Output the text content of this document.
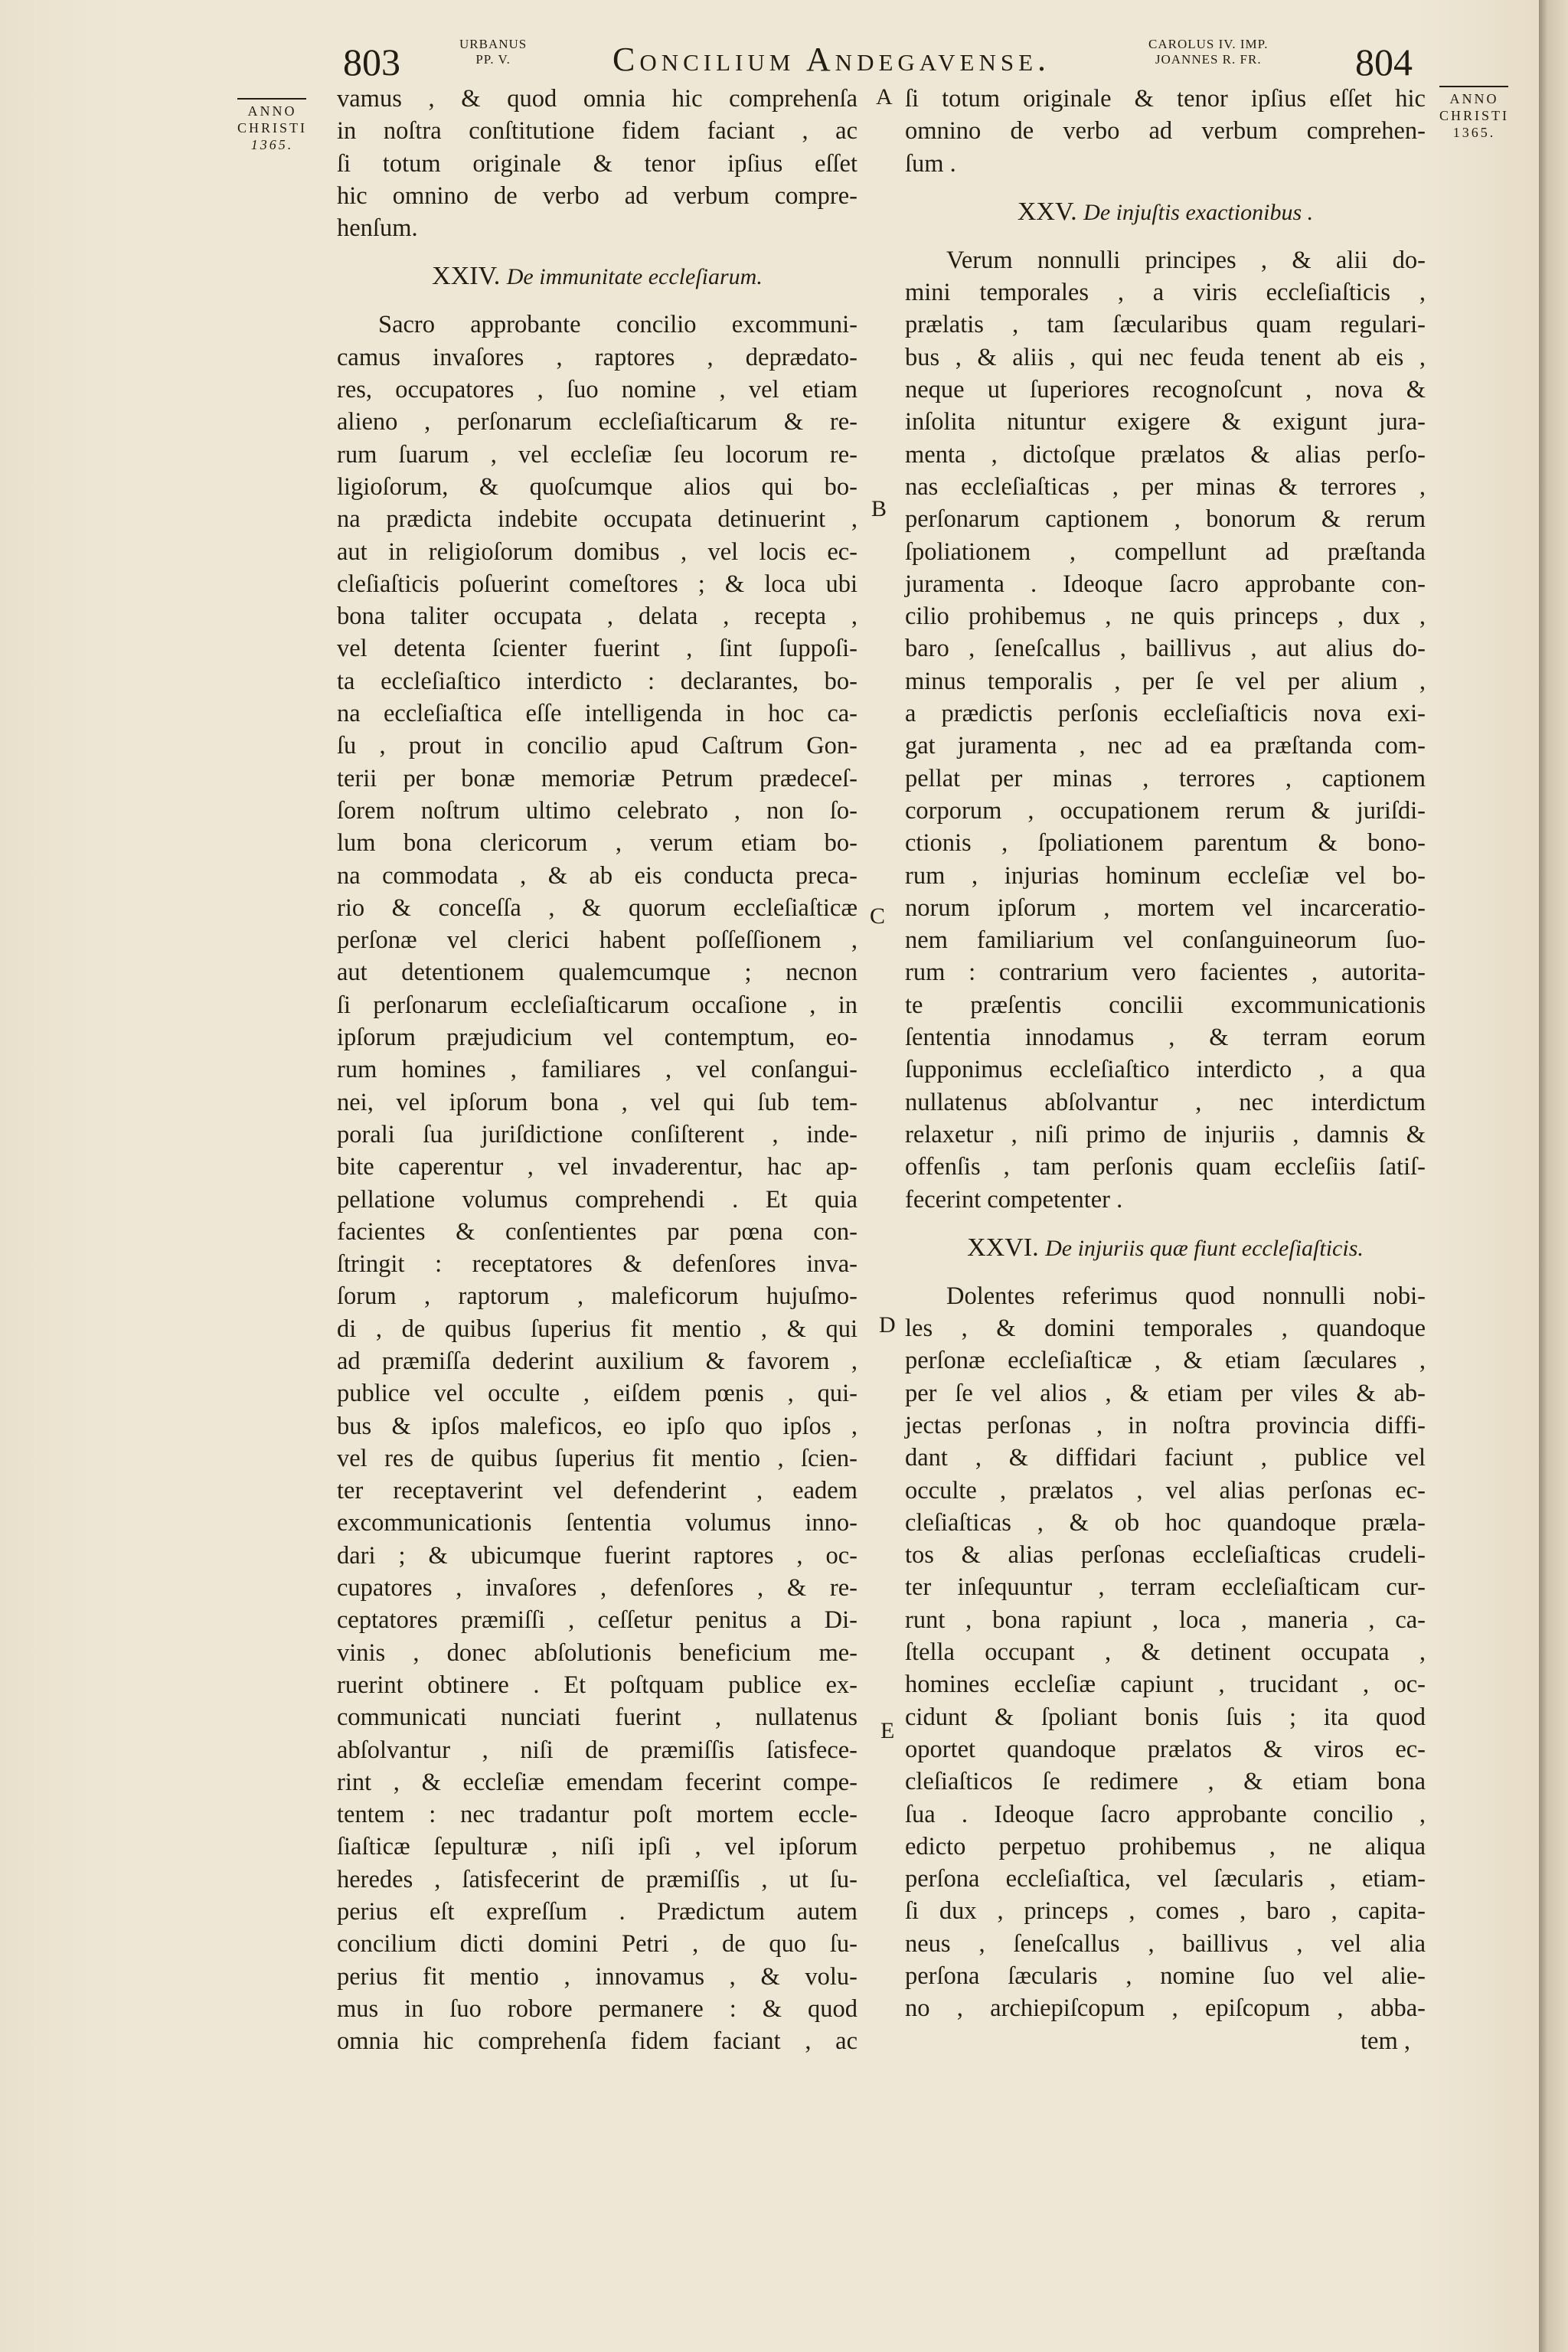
803	URBANUS
PP. V.	Concilium Andegavense.	CAROLUS IV. IMP.
JOANNES R. FR. 804
ANNO
CHRISTI
1365.
ANNO
CHRISTI
1365.
A
B
C
D
E
vamus , & quod omnia hic comprehenſa
in noſtra conſtitutione fidem faciant , ac
ſi totum originale & tenor ipſius eſſet
hic omnino de verbo ad verbum compre-
henſum.
XXIV. De immunitate eccleſiarum.
Sacro approbante concilio excommuni-
camus invaſores , raptores , deprædato-
res, occupatores , ſuo nomine , vel etiam
alieno , perſonarum eccleſiaſticarum & re-
rum ſuarum , vel eccleſiæ ſeu locorum re-
ligioſorum, & quoſcumque alios qui bo-
na prædicta indebite occupata detinuerint ,
aut in religioſorum domibus , vel locis ec-
cleſiaſticis poſuerint comeſtores ; & loca ubi
bona taliter occupata , delata , recepta ,
vel detenta ſcienter fuerint , ſint ſuppoſi-
ta eccleſiaſtico interdicto : declarantes, bo-
na eccleſiaſtica eſſe intelligenda in hoc ca-
ſu , prout in concilio apud Caſtrum Gon-
terii per bonæ memoriæ Petrum prædeceſ-
ſorem noſtrum ultimo celebrato , non ſo-
lum bona clericorum , verum etiam bo-
na commodata , & ab eis conducta preca-
rio & conceſſa , & quorum eccleſiaſticæ
perſonæ vel clerici habent poſſeſſionem ,
aut detentionem qualemcumque ; necnon
ſi perſonarum eccleſiaſticarum occaſione , in
ipſorum præjudicium vel contemptum, eo-
rum homines , familiares , vel conſangui-
nei, vel ipſorum bona , vel qui ſub tem-
porali ſua juriſdictione conſiſterent , inde-
bite caperentur , vel invaderentur, hac ap-
pellatione volumus comprehendi . Et quia
facientes & conſentientes par pœna con-
ſtringit : receptatores & defenſores inva-
ſorum , raptorum , maleficorum hujuſmo-
di , de quibus ſuperius fit mentio , & qui
ad præmiſſa dederint auxilium & favorem ,
publice vel occulte , eiſdem pœnis , qui-
bus & ipſos maleficos, eo ipſo quo ipſos ,
vel res de quibus ſuperius fit mentio , ſcien-
ter receptaverint vel defenderint , eadem
excommunicationis ſententia volumus inno-
dari ; & ubicumque fuerint raptores , oc-
cupatores , invaſores , defenſores , & re-
ceptatores præmiſſi , ceſſetur penitus a Di-
vinis , donec abſolutionis beneficium me-
ruerint obtinere . Et poſtquam publice ex-
communicati nunciati fuerint , nullatenus
abſolvantur , niſi de præmiſſis ſatisfece-
rint , & eccleſiæ emendam fecerint compe-
tentem : nec tradantur poſt mortem eccle-
ſiaſticæ ſepulturæ , niſi ipſi , vel ipſorum
heredes , ſatisfecerint de præmiſſis , ut ſu-
perius eſt expreſſum . Prædictum autem
concilium dicti domini Petri , de quo ſu-
perius fit mentio , innovamus , & volu-
mus in ſuo robore permanere : & quod
omnia hic comprehenſa fidem faciant , ac
ſi totum originale & tenor ipſius eſſet hic
omnino de verbo ad verbum comprehen-
ſum .
XXV. De injuſtis exactionibus .
Verum nonnulli principes , & alii do-
mini temporales , a viris eccleſiaſticis ,
prælatis , tam ſæcularibus quam regulari-
bus , & aliis , qui nec feuda tenent ab eis ,
neque ut ſuperiores recognoſcunt , nova &
inſolita nituntur exigere & exigunt jura-
menta , dictoſque prælatos & alias perſo-
nas eccleſiaſticas , per minas & terrores ,
perſonarum captionem , bonorum & rerum
ſpoliationem , compellunt ad præſtanda
juramenta . Ideoque ſacro approbante con-
cilio prohibemus , ne quis princeps , dux ,
baro , ſeneſcallus , baillivus , aut alius do-
minus temporalis , per ſe vel per alium ,
a prædictis perſonis eccleſiaſticis nova exi-
gat juramenta , nec ad ea præſtanda com-
pellat per minas , terrores , captionem
corporum , occupationem rerum & juriſdi-
ctionis , ſpoliationem parentum & bono-
rum , injurias hominum eccleſiæ vel bo-
norum ipſorum , mortem vel incarceratio-
nem familiarium vel conſanguineorum ſuo-
rum : contrarium vero facientes , autorita-
te præſentis concilii excommunicationis
ſententia innodamus , & terram eorum
ſupponimus eccleſiaſtico interdicto , a qua
nullatenus abſolvantur , nec interdictum
relaxetur , niſi primo de injuriis , damnis &
offenſis , tam perſonis quam eccleſiis ſatiſ-
fecerint competenter .
XXVI. De injuriis quæ fiunt eccleſiaſticis.
Dolentes referimus quod nonnulli nobi-
les , & domini temporales , quandoque
perſonæ eccleſiaſticæ , & etiam ſæculares ,
per ſe vel alios , & etiam per viles & ab-
jectas perſonas , in noſtra provincia diffi-
dant , & diffidari faciunt , publice vel
occulte , prælatos , vel alias perſonas ec-
cleſiaſticas , & ob hoc quandoque præla-
tos & alias perſonas eccleſiaſticas crudeli-
ter inſequuntur , terram eccleſiaſticam cur-
runt , bona rapiunt , loca , maneria , ca-
ſtella occupant , & detinent occupata ,
homines eccleſiæ capiunt , trucidant , oc-
cidunt & ſpoliant bonis ſuis ; ita quod
oportet quandoque prælatos & viros ec-
cleſiaſticos ſe redimere , & etiam bona
ſua . Ideoque ſacro approbante concilio ,
edicto perpetuo prohibemus , ne aliqua
perſona eccleſiaſtica, vel ſæcularis , etiam-
ſi dux , princeps , comes , baro , capita-
neus , ſeneſcallus , baillivus , vel alia
perſona ſæcularis , nomine ſuo vel alie-
no , archiepiſcopum , epiſcopum , abba-
tem ,
